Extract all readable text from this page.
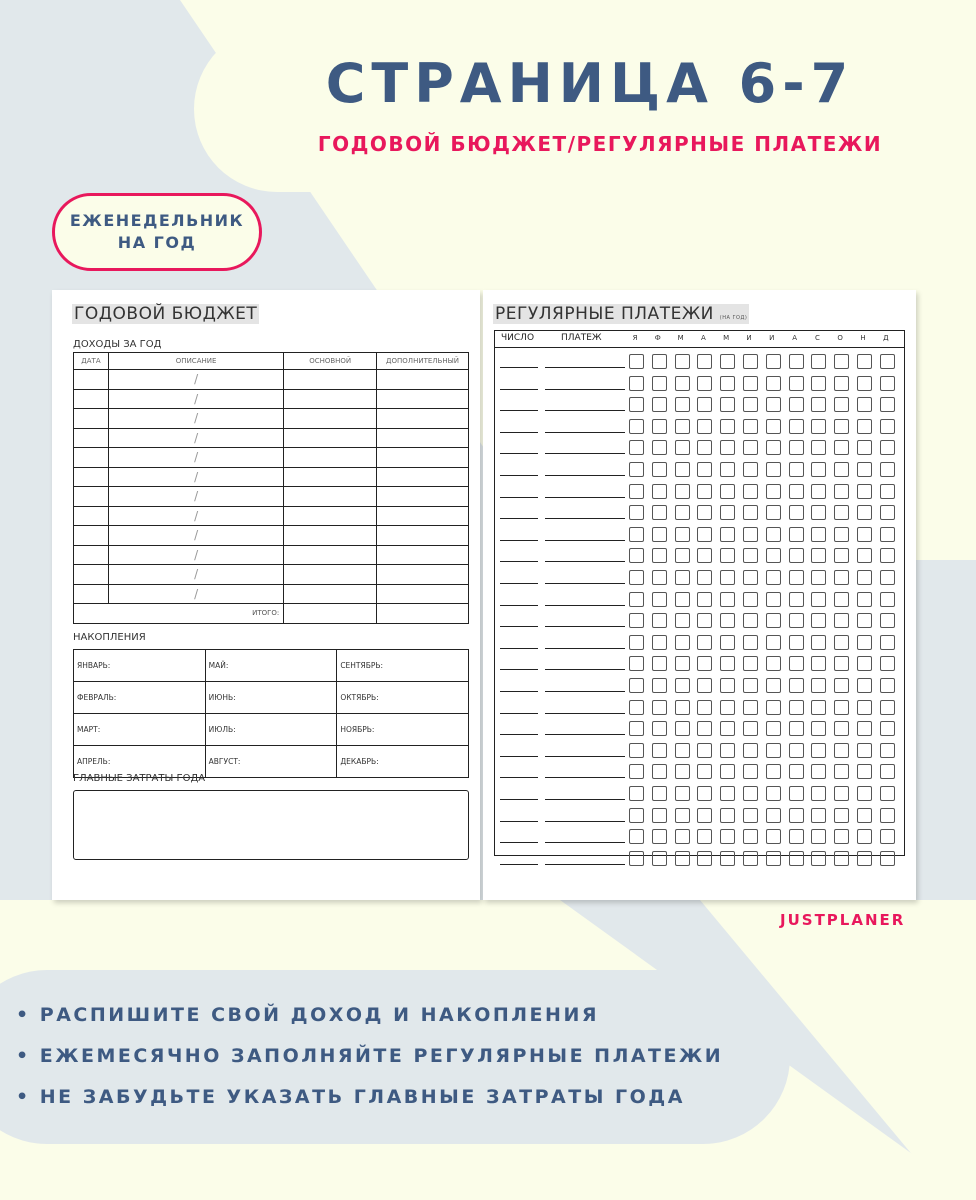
СТРАНИЦА 6-7
ГОДОВОЙ БЮДЖЕТ/РЕГУЛЯРНЫЕ ПЛАТЕЖИ
ЕЖЕНЕДЕЛЬНИК
НА ГОД
ГОДОВОЙ БЮДЖЕТ
ДОХОДЫ ЗА ГОД
ДАТА	ОПИСАНИЕ	ОСНОВНОЙ	ДОПОЛНИТЕЛЬНЫЙ
	/		
	/		
	/		
	/		
	/		
	/		
	/		
	/		
	/		
	/		
	/		
	/		
ИТОГО:			
НАКОПЛЕНИЯ
ЯНВАРЬ:	МАЙ:	СЕНТЯБРЬ:
ФЕВРАЛЬ:	ИЮНЬ:	ОКТЯБРЬ:
МАРТ:	ИЮЛЬ:	НОЯБРЬ:
АПРЕЛЬ:	АВГУСТ:	ДЕКАБРЬ:
ГЛАВНЫЕ ЗАТРАТЫ ГОДА
РЕГУЛЯРНЫЕ ПЛАТЕЖИ (НА ГОД)
ЧИСЛО	ПЛАТЕЖ	Я	Ф	М	А	М	И	И	А	С	О	Н	Д
JUSTPLANER
• РАСПИШИТЕ СВОЙ ДОХОД И НАКОПЛЕНИЯ
• ЕЖЕМЕСЯЧНО ЗАПОЛНЯЙТЕ РЕГУЛЯРНЫЕ ПЛАТЕЖИ
• НЕ ЗАБУДЬТЕ УКАЗАТЬ ГЛАВНЫЕ ЗАТРАТЫ ГОДА
